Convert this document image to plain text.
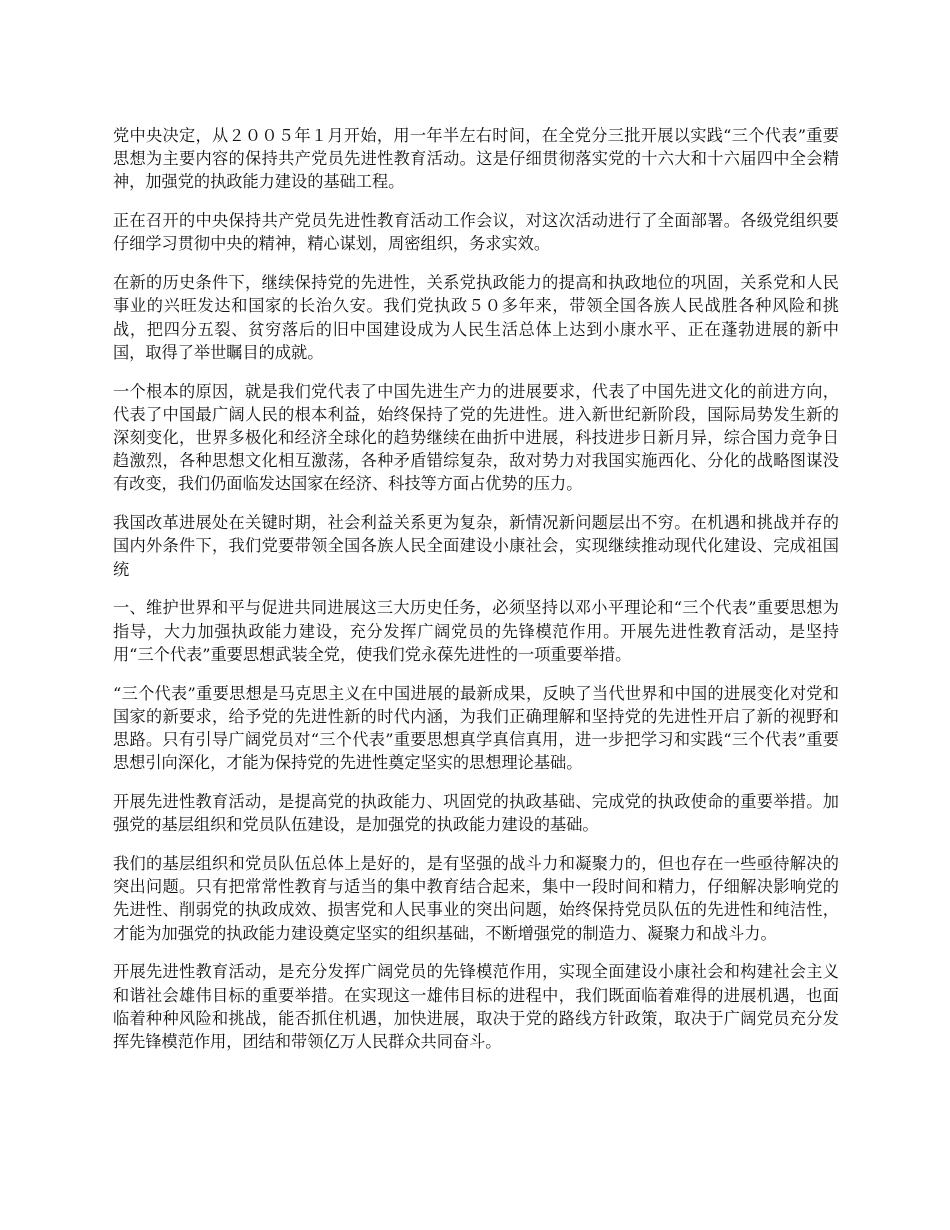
党中央决定，从２００５年１月开始，用一年半左右时间，在全党分三批开展以实践“三个代表”重要思想为主要内容的保持共产党员先进性教育活动。这是仔细贯彻落实党的十六大和十六届四中全会精神，加强党的执政能力建设的基础工程。

正在召开的中央保持共产党员先进性教育活动工作会议，对这次活动进行了全面部署。各级党组织要仔细学习贯彻中央的精神，精心谋划，周密组织，务求实效。

在新的历史条件下，继续保持党的先进性，关系党执政能力的提高和执政地位的巩固，关系党和人民事业的兴旺发达和国家的长治久安。我们党执政５０多年来，带领全国各族人民战胜各种风险和挑战，把四分五裂、贫穷落后的旧中国建设成为人民生活总体上达到小康水平、正在蓬勃进展的新中国，取得了举世瞩目的成就。

一个根本的原因，就是我们党代表了中国先进生产力的进展要求，代表了中国先进文化的前进方向，代表了中国最广阔人民的根本利益，始终保持了党的先进性。进入新世纪新阶段，国际局势发生新的深刻变化，世界多极化和经济全球化的趋势继续在曲折中进展，科技进步日新月异，综合国力竞争日趋激烈，各种思想文化相互激荡，各种矛盾错综复杂，敌对势力对我国实施西化、分化的战略图谋没有改变，我们仍面临发达国家在经济、科技等方面占优势的压力。

我国改革进展处在关键时期，社会利益关系更为复杂，新情况新问题层出不穷。在机遇和挑战并存的国内外条件下，我们党要带领全国各族人民全面建设小康社会，实现继续推动现代化建设、完成祖国统

一、维护世界和平与促进共同进展这三大历史任务，必须坚持以邓小平理论和“三个代表”重要思想为指导，大力加强执政能力建设，充分发挥广阔党员的先锋模范作用。开展先进性教育活动，是坚持用“三个代表”重要思想武装全党，使我们党永葆先进性的一项重要举措。

“三个代表”重要思想是马克思主义在中国进展的最新成果，反映了当代世界和中国的进展变化对党和国家的新要求，给予党的先进性新的时代内涵，为我们正确理解和坚持党的先进性开启了新的视野和思路。只有引导广阔党员对“三个代表”重要思想真学真信真用，进一步把学习和实践“三个代表”重要思想引向深化，才能为保持党的先进性奠定坚实的思想理论基础。

开展先进性教育活动，是提高党的执政能力、巩固党的执政基础、完成党的执政使命的重要举措。加强党的基层组织和党员队伍建设，是加强党的执政能力建设的基础。

我们的基层组织和党员队伍总体上是好的，是有坚强的战斗力和凝聚力的，但也存在一些亟待解决的突出问题。只有把常常性教育与适当的集中教育结合起来，集中一段时间和精力，仔细解决影响党的先进性、削弱党的执政成效、损害党和人民事业的突出问题，始终保持党员队伍的先进性和纯洁性，才能为加强党的执政能力建设奠定坚实的组织基础，不断增强党的制造力、凝聚力和战斗力。

开展先进性教育活动，是充分发挥广阔党员的先锋模范作用，实现全面建设小康社会和构建社会主义和谐社会雄伟目标的重要举措。在实现这一雄伟目标的进程中，我们既面临着难得的进展机遇，也面临着种种风险和挑战，能否抓住机遇，加快进展，取决于党的路线方针政策，取决于广阔党员充分发挥先锋模范作用，团结和带领亿万人民群众共同奋斗。
